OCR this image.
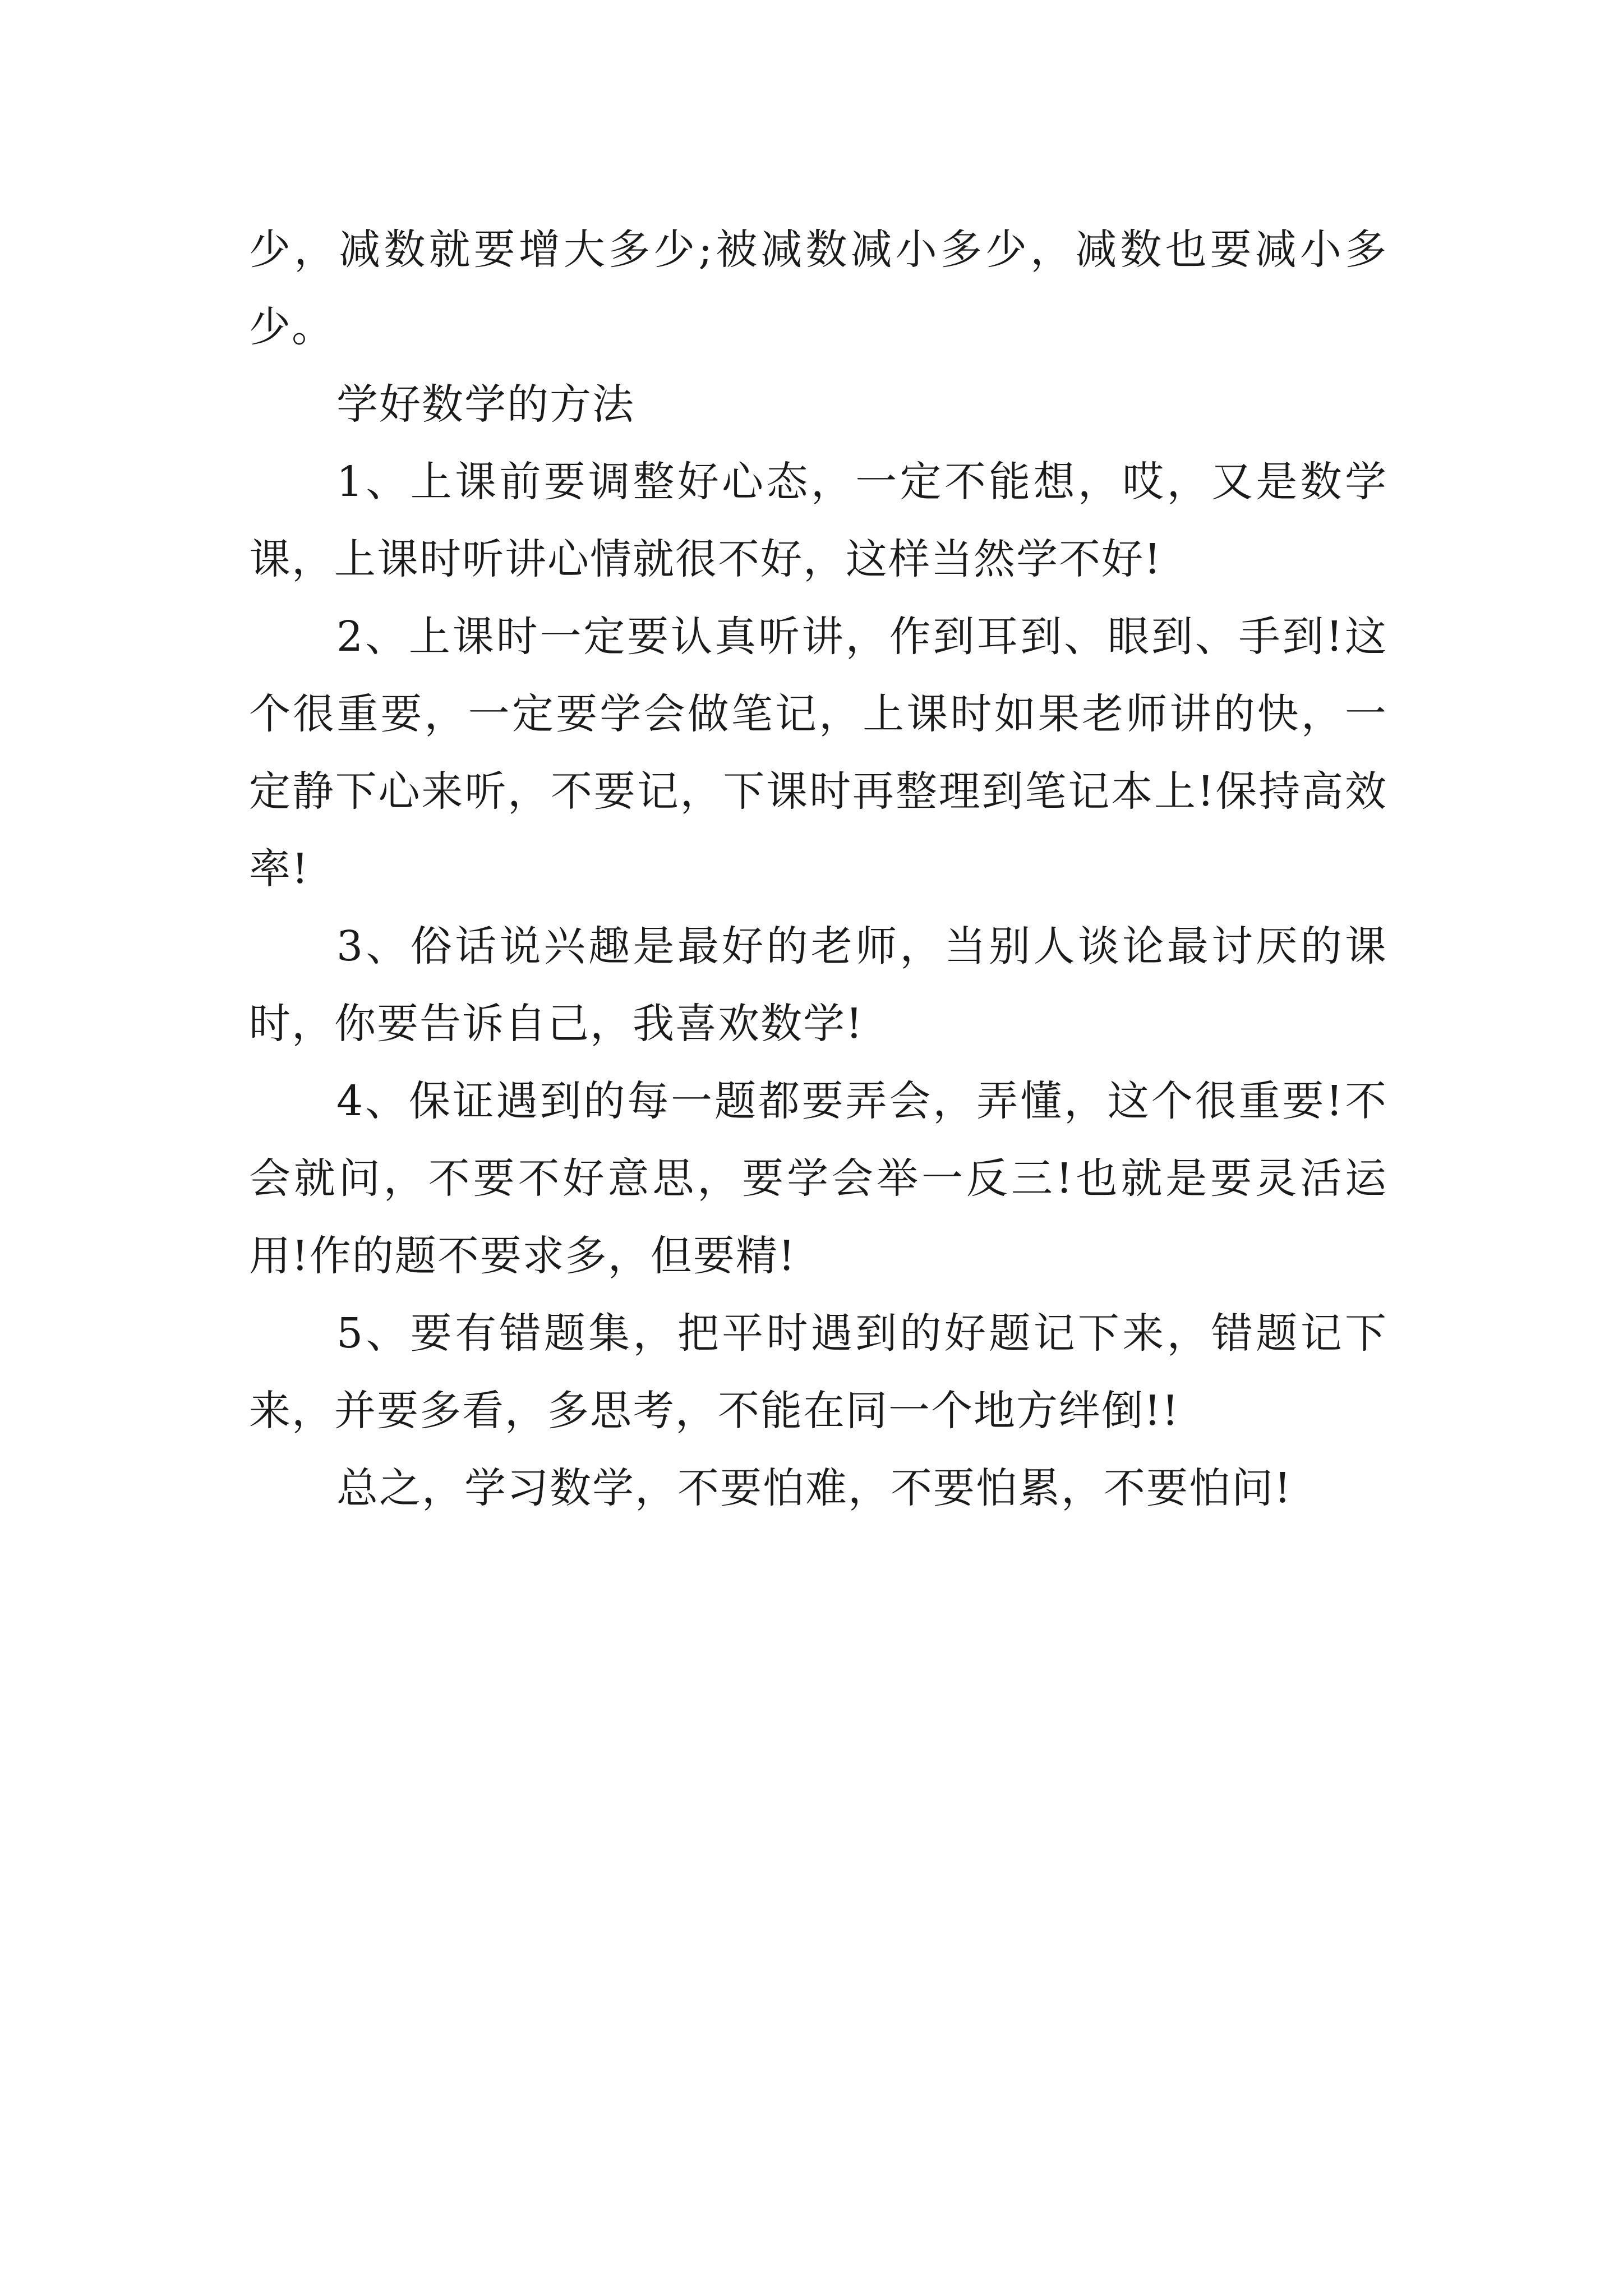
少，减数就要增大多少;被减数减小多少，减数也要减小多少。

学好数学的方法

1、上课前要调整好心态，一定不能想，哎，又是数学课，上课时听讲心情就很不好，这样当然学不好!

2、上课时一定要认真听讲，作到耳到、眼到、手到!这个很重要，一定要学会做笔记，上课时如果老师讲的快，一定静下心来听，不要记，下课时再整理到笔记本上!保持高效率!

3、俗话说兴趣是最好的老师，当别人谈论最讨厌的课时，你要告诉自己，我喜欢数学!

4、保证遇到的每一题都要弄会，弄懂，这个很重要!不会就问，不要不好意思，要学会举一反三!也就是要灵活运用!作的题不要求多，但要精!

5、要有错题集，把平时遇到的好题记下来，错题记下来，并要多看，多思考，不能在同一个地方绊倒!!

总之，学习数学，不要怕难，不要怕累，不要怕问!
